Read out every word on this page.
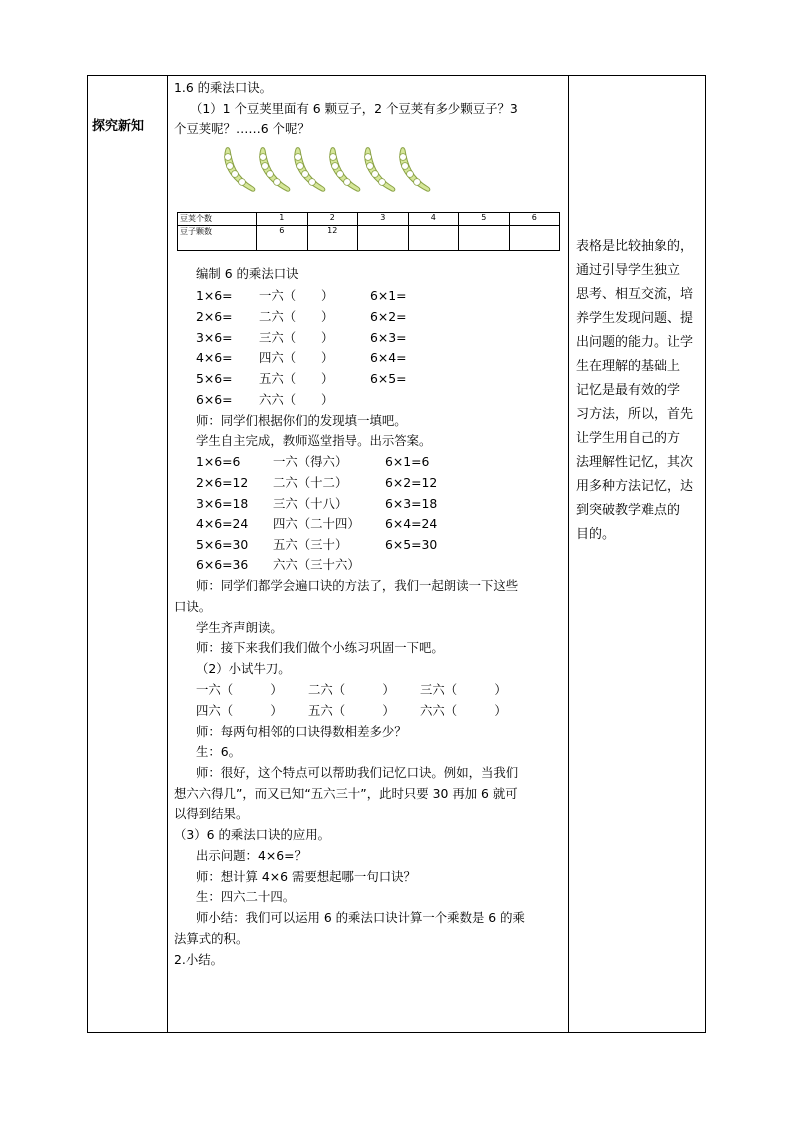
探究新知
1.6 的乘法口诀。
（1）1 个豆荚里面有 6 颗豆子，2 个豆荚有多少颗豆子？3
个豆荚呢？……6 个呢？
豆荚个数	1	2	3	4	5	6
豆子颗数	6	12				
编制 6 的乘法口诀
1×6= 一六（　　）	6×1=
2×6= 二六（　　）	6×2=
3×6= 三六（　　）	6×3=
4×6= 四六（　　）	6×4=
5×6= 五六（　　）	6×5=
6×6= 六六（　　）
师：同学们根据你们的发现填一填吧。
学生自主完成，教师巡堂指导。出示答案。
1×6=6	一六（得六）	6×1=6
2×6=12 二六（十二）	6×2=12
3×6=18 三六（十八）	6×3=18
4×6=24 四六（二十四） 6×4=24
5×6=30 五六（三十）	6×5=30
6×6=36 六六（三十六）
师：同学们都学会遍口诀的方法了，我们一起朗读一下这些
口诀。
学生齐声朗读。
师：接下来我们我们做个小练习巩固一下吧。
（2）小试牛刀。
一六（　　　） 二六（　　　） 三六（　　　）
四六（　　　） 五六（　　　） 六六（　　　）
师：每两句相邻的口诀得数相差多少？
生：6。
师：很好，这个特点可以帮助我们记忆口诀。例如，当我们
想六六得几”，而又已知“五六三十”，此时只要 30 再加 6 就可
以得到结果。
（3）6 的乘法口诀的应用。
出示问题：4×6=？
师：想计算 4×6 需要想起哪一句口诀？
生：四六二十四。
师小结：我们可以运用 6 的乘法口诀计算一个乘数是 6 的乘
法算式的积。
2.小结。
表格是比较抽象的，
通过引导学生独立
思考、相互交流，培
养学生发现问题、提
出问题的能力。让学
生在理解的基础上
记忆是最有效的学
习方法，所以，首先
让学生用自己的方
法理解性记忆，其次
用多种方法记忆，达
到突破教学难点的
目的。
